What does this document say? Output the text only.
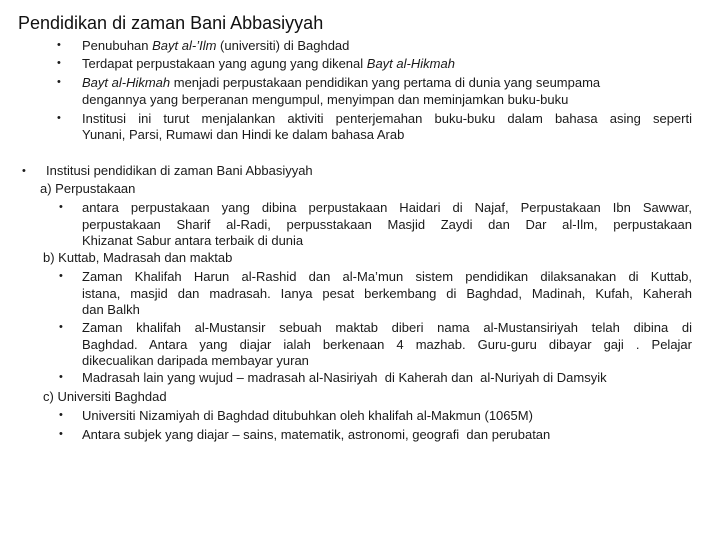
Pendidikan di zaman Bani Abbasiyyah
• Penubuhan Bayt al-’Ilm (universiti) di Baghdad
• Terdapat perpustakaan yang agung yang dikenal Bayt al-Hikmah
• Bayt al-Hikmah menjadi perpustakaan pendidikan yang pertama di dunia yang seumpama
dengannya yang berperanan mengumpul, menyimpan dan meminjamkan buku-buku
• Institusi ini turut menjalankan aktiviti penterjemahan buku-buku dalam bahasa asing seperti
Yunani, Parsi, Rumawi dan Hindi ke dalam bahasa Arab
• Institusi pendidikan di zaman Bani Abbasiyyah
a) Perpustakaan
• antara perpustakaan yang dibina perpustakaan Haidari di Najaf, Perpustakaan Ibn Sawwar,
perpustakaan Sharif al-Radi, perpusstakaan Masjid Zaydi dan Dar al-Ilm, perpustakaan
Khizanat Sabur antara terbaik di dunia
b) Kuttab, Madrasah dan maktab
• Zaman Khalifah Harun al-Rashid dan al-Ma’mun sistem pendidikan dilaksanakan di Kuttab,
istana, masjid dan madrasah. Ianya pesat berkembang di Baghdad, Madinah, Kufah, Kaherah
dan Balkh
• Zaman khalifah al-Mustansir sebuah maktab diberi nama al-Mustansiriyah telah dibina di
Baghdad. Antara yang diajar ialah berkenaan 4 mazhab. Guru-guru dibayar gaji . Pelajar
dikecualikan daripada membayar yuran
• Madrasah lain yang wujud – madrasah al-Nasiriyah  di Kaherah dan  al-Nuriyah di Damsyik
c) Universiti Baghdad
• Universiti Nizamiyah di Baghdad ditubuhkan oleh khalifah al-Makmun (1065M)
• Antara subjek yang diajar – sains, matematik, astronomi, geografi  dan perubatan
